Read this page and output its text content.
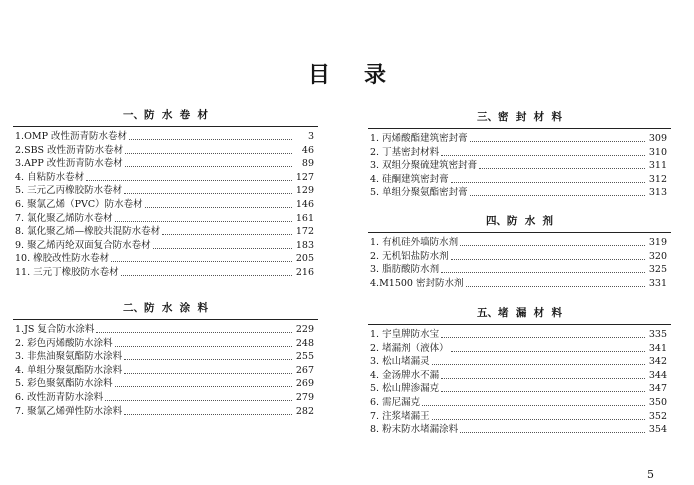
目录
一、防  水  卷  材
1.OMP 改性沥青防水卷材	3
2.SBS 改性沥青防水卷材	46
3.APP 改性沥青防水卷材	89
4. 自粘防水卷材	127
5. 三元乙丙橡胶防水卷材	129
6. 聚氯乙烯（PVC）防水卷材	146
7. 氯化聚乙烯防水卷材	161
8. 氯化聚乙烯—橡胶共混防水卷材	172
9. 聚乙烯丙纶双面复合防水卷材	183
10. 橡胶改性防水卷材	205
11. 三元丁橡胶防水卷材	216
二、防  水  涂  料
1.JS 复合防水涂料	229
2. 彩色丙烯酸防水涂料	248
3. 非焦油聚氨酯防水涂料	255
4. 单组分聚氨酯防水涂料	267
5. 彩色聚氨酯防水涂料	269
6. 改性沥青防水涂料	279
7. 聚氯乙烯弹性防水涂料	282
三、密  封  材  料
1. 丙烯酸酯建筑密封膏	309
2. 丁基密封材料	310
3. 双组分聚硫建筑密封膏	311
4. 硅酮建筑密封膏	312
5. 单组分聚氨酯密封膏	313
四、防  水  剂
1. 有机硅外墙防水剂	319
2. 无机铝盐防水剂	320
3. 脂肪酸防水剂	325
4.M1500 密封防水剂	331
五、堵  漏  材  料
1. 宇皇牌防水宝	335
2. 堵漏剂（液体）	341
3. 松山堵漏灵	342
4. 金汤牌水不漏	344
5. 松山牌渗漏克	347
6. 需尼漏克	350
7. 注浆堵漏王	352
8. 粉末防水堵漏涂料	354
5
